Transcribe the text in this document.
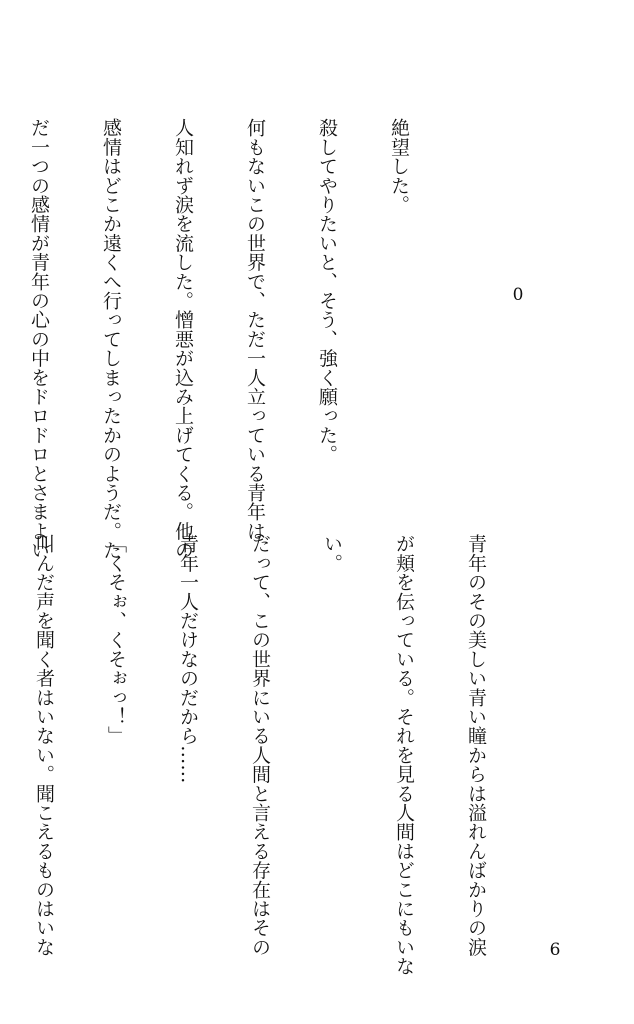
0

絶望した。

殺してやりたいと、そう、強く願った。

何もないこの世界で、ただ一人立っている青年は

人知れず涙を流した。憎悪が込み上げてくる。他の

感情はどこか遠くへ行ってしまったかのようだ。た

だ一つの感情が青年の心の中をドロドロとさまよい

青年のその美しい青い瞳からは溢れんばかりの涙

が頬を伝っている。それを見る人間はどこにもいな

い。

だって、この世界にいる人間と言える存在はその

青年一人だけなのだから……

「くそぉ、くそぉっ！」

叫んだ声を聞く者はいない。聞こえるものはいな

	6
